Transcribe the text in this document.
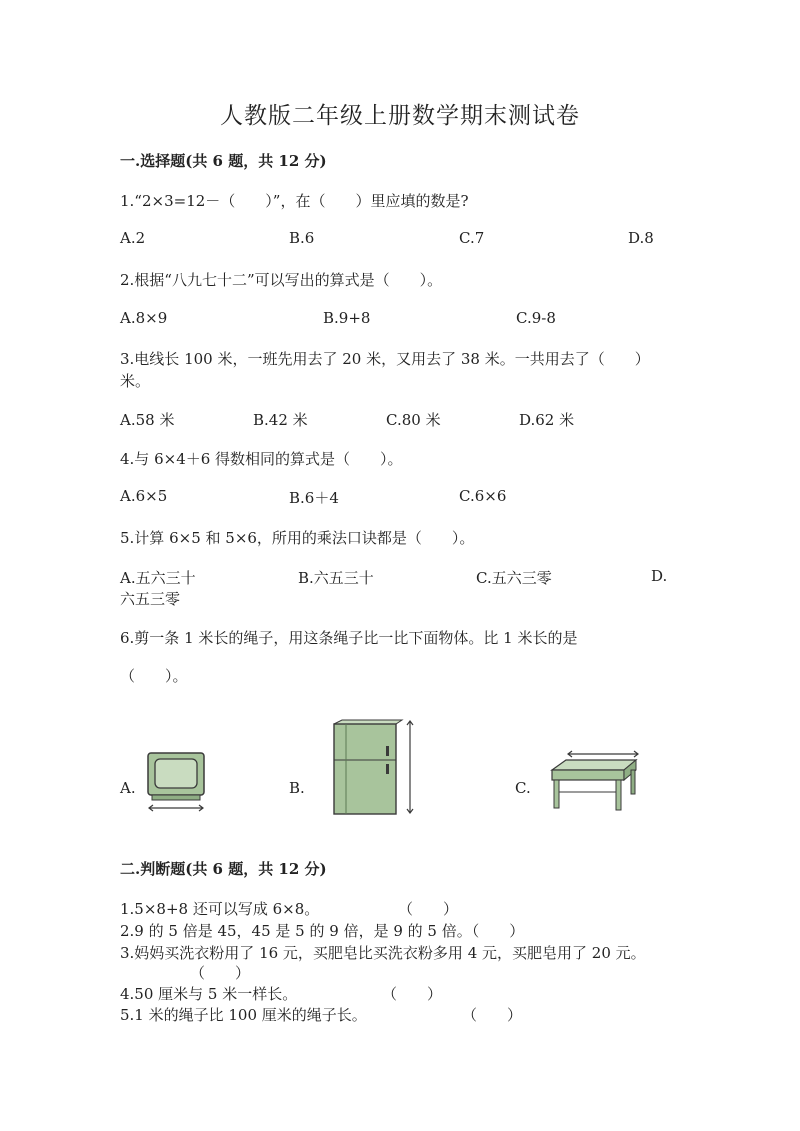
人教版二年级上册数学期末测试卷
一.选择题(共 6 题，共 12 分)
1.“2×3=12－（　　）”，在（　　）里应填的数是?
A.2	B.6	C.7	D.8
2.根据“八九七十二”可以写出的算式是（　　）。
A.8×9	B.9+8	C.9-8
3.电线长 100 米，一班先用去了 20 米，又用去了 38 米。一共用去了（　　）
米。
A.58 米	B.42 米	C.80 米	D.62 米
4.与 6×4＋6 得数相同的算式是（　　）。
A.6×5	B.6＋4	C.6×6
5.计算 6×5 和 5×6，所用的乘法口诀都是（　　）。
A.五六三十	B.六五三十	C.五六三零	D.
六五三零
6.剪一条 1 米长的绳子，用这条绳子比一比下面物体。比 1 米长的是
（　　）。
A.	B.	C.
二.判断题(共 6 题，共 12 分)
1.5×8+8 还可以写成 6×8。	（　　）
2.9 的 5 倍是 45，45 是 5 的 9 倍，是 9 的 5 倍。（　　）
3.妈妈买洗衣粉用了 16 元，买肥皂比买洗衣粉多用 4 元，买肥皂用了 20 元。
（　　）
4.50 厘米与 5 米一样长。	（　　）
5.1 米的绳子比 100 厘米的绳子长。	（　　）
